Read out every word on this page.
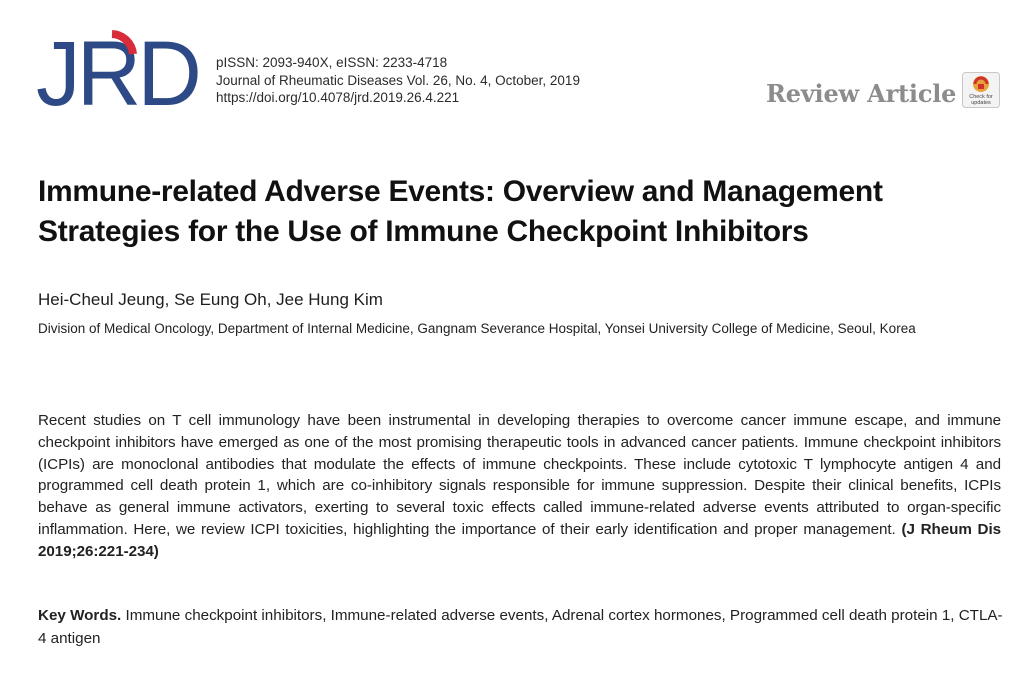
JRD pISSN: 2093-940X, eISSN: 2233-4718
Journal of Rheumatic Diseases Vol. 26, No. 4, October, 2019
https://doi.org/10.4078/jrd.2019.26.4.221	Review Article Check for
updates
Immune-related Adverse Events: Overview and Management
Strategies for the Use of Immune Checkpoint Inhibitors
Hei-Cheul Jeung, Se Eung Oh, Jee Hung Kim
Division of Medical Oncology, Department of Internal Medicine, Gangnam Severance Hospital, Yonsei University College of Medicine, Seoul, Korea
Recent studies on T cell immunology have been instrumental in developing therapies to overcome cancer immune escape, and immune checkpoint inhibitors have emerged as one of the most promising therapeutic tools in advanced cancer patients. Immune checkpoint inhibitors (ICPIs) are monoclonal antibodies that modulate the effects of immune checkpoints. These include cytotoxic T lymphocyte antigen 4 and programmed cell death protein 1, which are co-inhibitory signals responsible for immune suppression. Despite their clinical benefits, ICPIs behave as general immune activators, exerting to several toxic effects called immune-related adverse events attributed to organ-specific inflammation. Here, we review ICPI toxicities, highlighting the importance of their early identification and proper management. (J Rheum Dis 2019;26:221-234)
Key Words. Immune checkpoint inhibitors, Immune-related adverse events, Adrenal cortex hormones, Programmed cell death protein 1, CTLA-4 antigen
